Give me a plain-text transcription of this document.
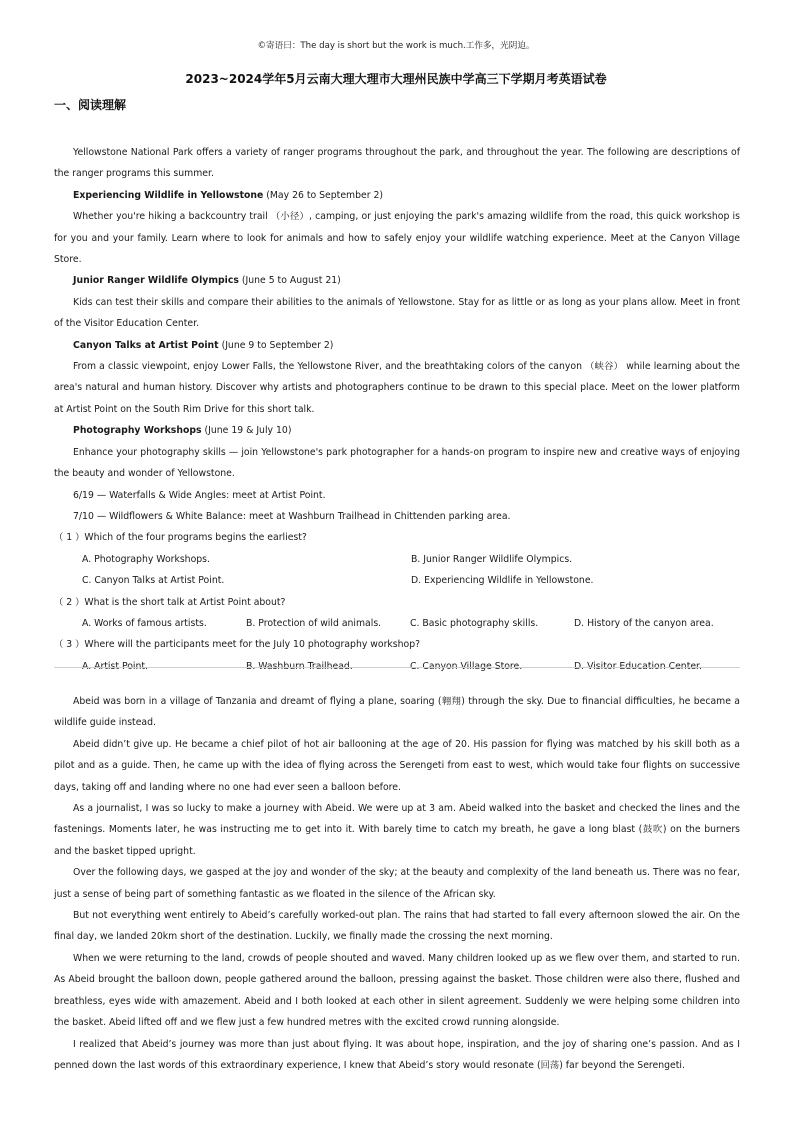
©寄语曰：The day is short but the work is much.工作多，光阴迫。
2023~2024学年5月云南大理大理市大理州民族中学高三下学期月考英语试卷
一、阅读理解

Yellowstone National Park offers a variety of ranger programs throughout the park, and throughout the year. The following are descriptions of the ranger programs this summer.

Experiencing Wildlife in Yellowstone (May 26 to September 2)

Whether you're hiking a backcountry trail （小径）, camping, or just enjoying the park's amazing wildlife from the road, this quick workshop is for you and your family. Learn where to look for animals and how to safely enjoy your wildlife watching experience. Meet at the Canyon Village Store.

Junior Ranger Wildlife Olympics (June 5 to August 21)

Kids can test their skills and compare their abilities to the animals of Yellowstone. Stay for as little or as long as your plans allow. Meet in front of the Visitor Education Center.

Canyon Talks at Artist Point (June 9 to September 2)

From a classic viewpoint, enjoy Lower Falls, the Yellowstone River, and the breathtaking colors of the canyon （峡谷） while learning about the area's natural and human history. Discover why artists and photographers continue to be drawn to this special place. Meet on the lower platform at Artist Point on the South Rim Drive for this short talk.

Photography Workshops (June 19 & July 10)

Enhance your photography skills — join Yellowstone's park photographer for a hands-on program to inspire new and creative ways of enjoying the beauty and wonder of Yellowstone.

6/19 — Waterfalls & Wide Angles: meet at Artist Point.

7/10 — Wildflowers & White Balance: meet at Washburn Trailhead in Chittenden parking area.

（ 1 ）Which of the four programs begins the earliest?

A. Photography Workshops.	B. Junior Ranger Wildlife Olympics.
C. Canyon Talks at Artist Point.	D. Experiencing Wildlife in Yellowstone.

（ 2 ）What is the short talk at Artist Point about?

A. Works of famous artists.	B. Protection of wild animals.	C. Basic photography skills.	D. History of the canyon area.

（ 3 ）Where will the participants meet for the July 10 photography workshop?

A. Artist Point.	B. Washburn Trailhead.	C. Canyon Village Store.	D. Visitor Education Center.

Abeid was born in a village of Tanzania and dreamt of flying a plane, soaring (翱翔) through the sky. Due to financial difficulties, he became a wildlife guide instead.

Abeid didn’t give up. He became a chief pilot of hot air ballooning at the age of 20. His passion for flying was matched by his skill both as a pilot and as a guide. Then, he came up with the idea of flying across the Serengeti from east to west, which would take four flights on successive days, taking off and landing where no one had ever seen a balloon before.

As a journalist, I was so lucky to make a journey with Abeid. We were up at 3 am. Abeid walked into the basket and checked the lines and the fastenings. Moments later, he was instructing me to get into it. With barely time to catch my breath, he gave a long blast (鼓吹) on the burners and the basket tipped upright.

Over the following days, we gasped at the joy and wonder of the sky; at the beauty and complexity of the land beneath us. There was no fear, just a sense of being part of something fantastic as we floated in the silence of the African sky.

But not everything went entirely to Abeid’s carefully worked-out plan. The rains that had started to fall every afternoon slowed the air. On the final day, we landed 20km short of the destination. Luckily, we finally made the crossing the next morning.

When we were returning to the land, crowds of people shouted and waved. Many children looked up as we flew over them, and started to run. As Abeid brought the balloon down, people gathered around the balloon, pressing against the basket. Those children were also there, flushed and breathless, eyes wide with amazement. Abeid and I both looked at each other in silent agreement. Suddenly we were helping some children into the basket. Abeid lifted off and we flew just a few hundred metres with the excited crowd running alongside.

I realized that Abeid’s journey was more than just about flying. It was about hope, inspiration, and the joy of sharing one’s passion. And as I penned down the last words of this extraordinary experience, I knew that Abeid’s story would resonate (回荡) far beyond the Serengeti.
